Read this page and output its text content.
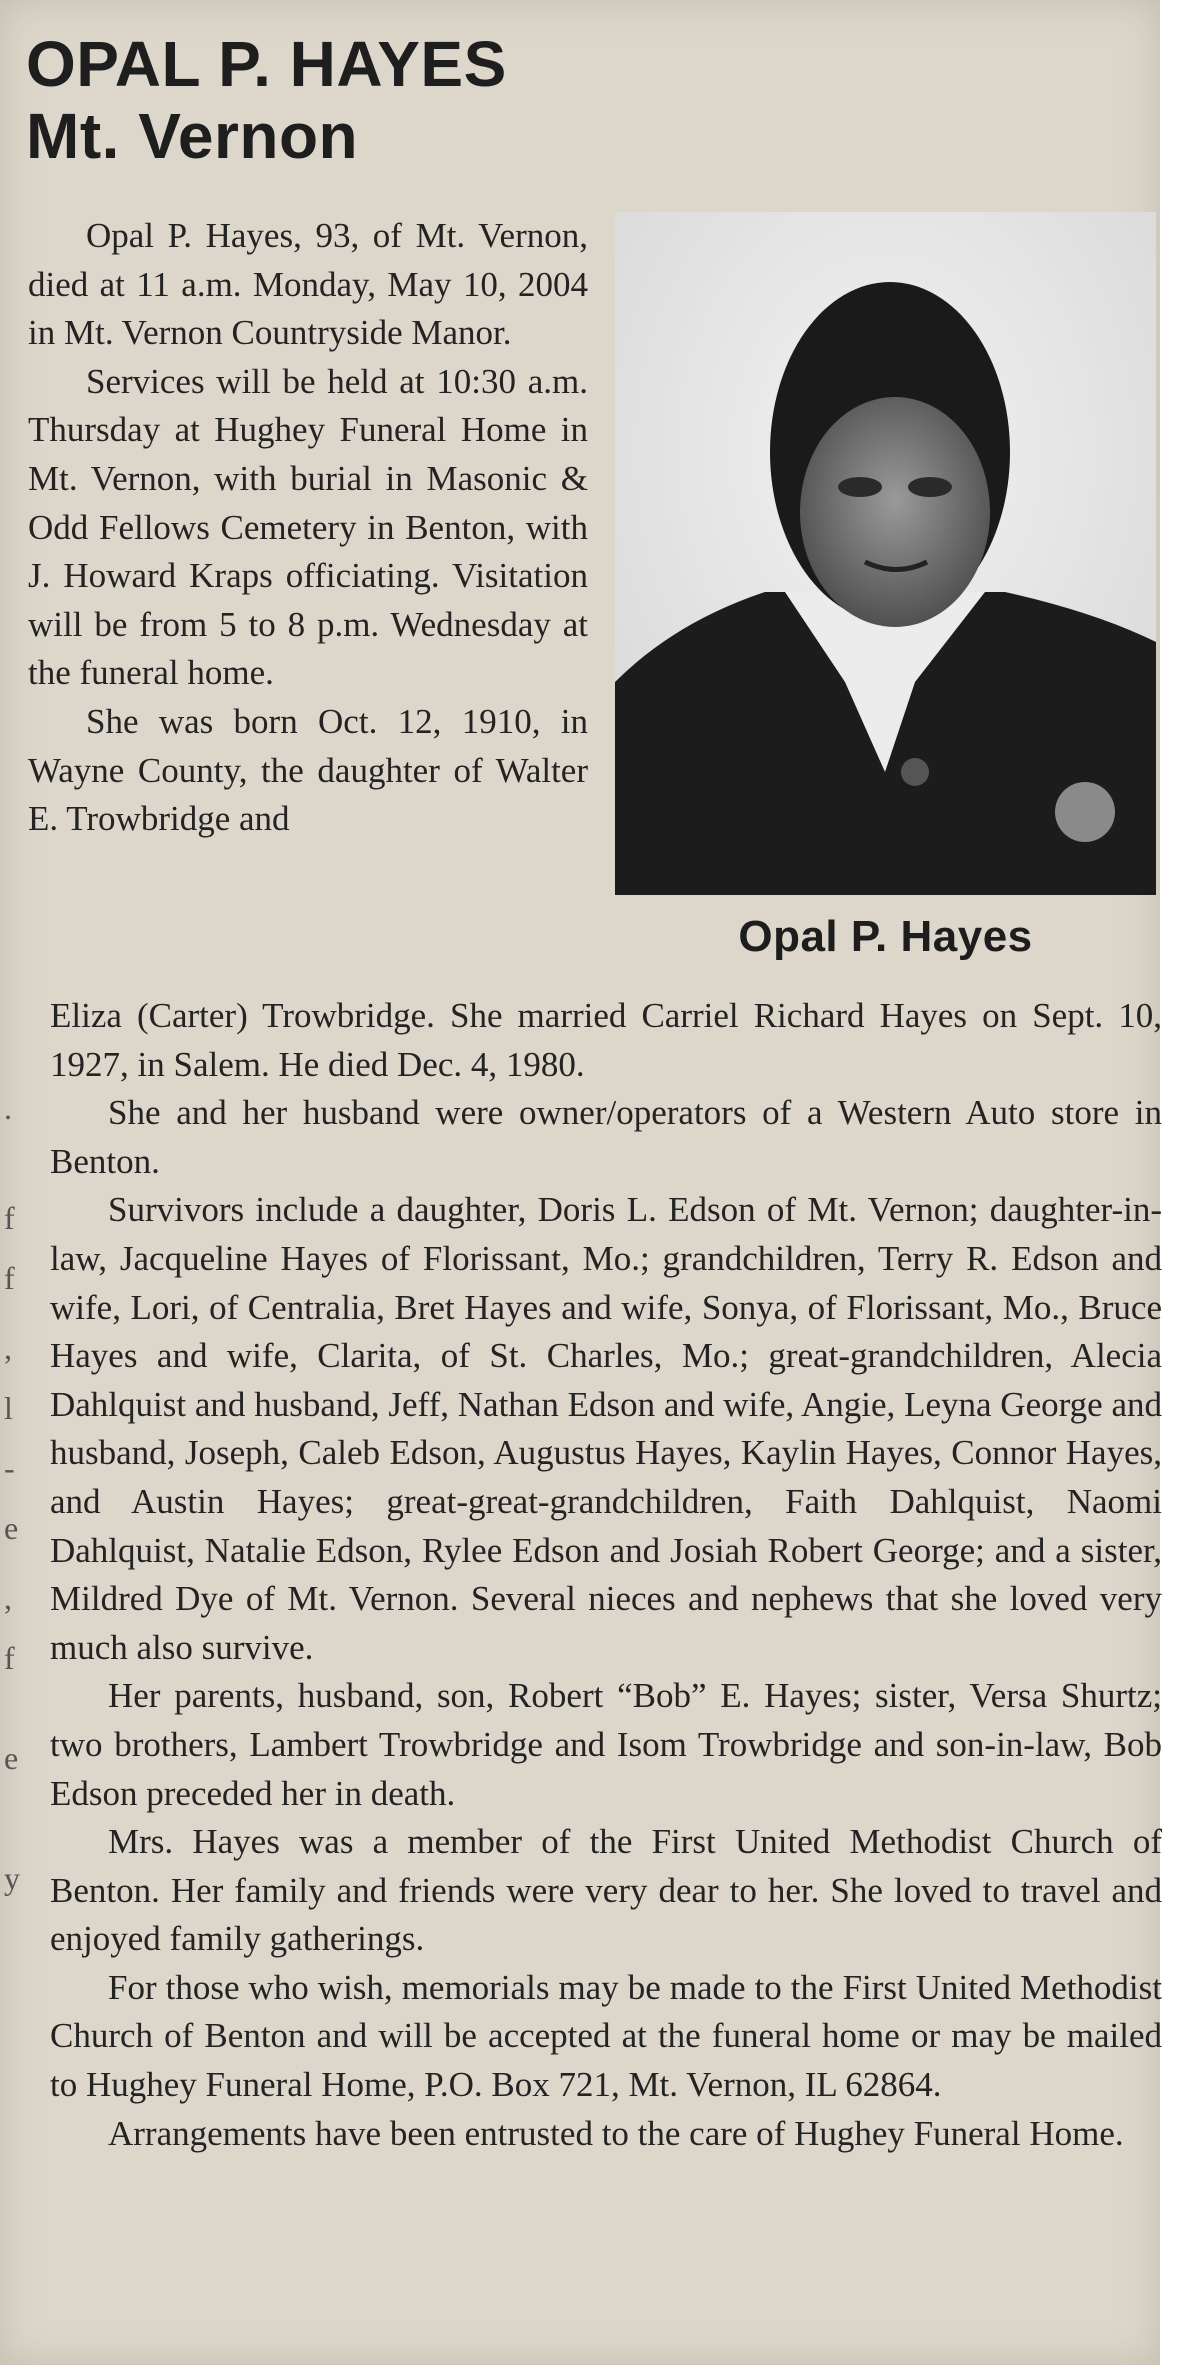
OPAL P. HAYES
Mt. Vernon
Opal P. Hayes

Opal P. Hayes, 93, of Mt. Vernon, died at 11 a.m. Monday, May 10, 2004 in Mt. Vernon Countryside Manor.

Services will be held at 10:30 a.m. Thursday at Hughey Funeral Home in Mt. Vernon, with burial in Masonic & Odd Fellows Cemetery in Benton, with J. Howard Kraps officiating. Visitation will be from 5 to 8 p.m. Wednesday at the funeral home.

She was born Oct. 12, 1910, in Wayne County, the daughter of Walter E. Trowbridge and

Eliza (Carter) Trowbridge. She married Carriel Richard Hayes on Sept. 10, 1927, in Salem. He died Dec. 4, 1980.

She and her husband were owner/operators of a Western Auto store in Benton.

Survivors include a daughter, Doris L. Edson of Mt. Vernon; daughter-in-law, Jacqueline Hayes of Florissant, Mo.; grandchildren, Terry R. Edson and wife, Lori, of Centralia, Bret Hayes and wife, Sonya, of Florissant, Mo., Bruce Hayes and wife, Clarita, of St. Charles, Mo.; great-grandchildren, Alecia Dahlquist and husband, Jeff, Nathan Edson and wife, Angie, Leyna George and husband, Joseph, Caleb Edson, Augustus Hayes, Kaylin Hayes, Connor Hayes, and Austin Hayes; great-great-grandchildren, Faith Dahlquist, Naomi Dahlquist, Natalie Edson, Rylee Edson and Josiah Robert George; and a sister, Mildred Dye of Mt. Vernon. Several nieces and nephews that she loved very much also survive.

Her parents, husband, son, Robert “Bob” E. Hayes; sister, Versa Shurtz; two brothers, Lambert Trowbridge and Isom Trowbridge and son-in-law, Bob Edson preceded her in death.

Mrs. Hayes was a member of the First United Methodist Church of Benton. Her family and friends were very dear to her. She loved to travel and enjoyed family gatherings.

For those who wish, memorials may be made to the First United Methodist Church of Benton and will be accepted at the funeral home or may be mailed to Hughey Funeral Home, P.O. Box 721, Mt. Vernon, IL 62864.

Arrangements have been entrusted to the care of Hughey Funeral Home.

.
f
f
,
l
-
e
,
f
e
y
